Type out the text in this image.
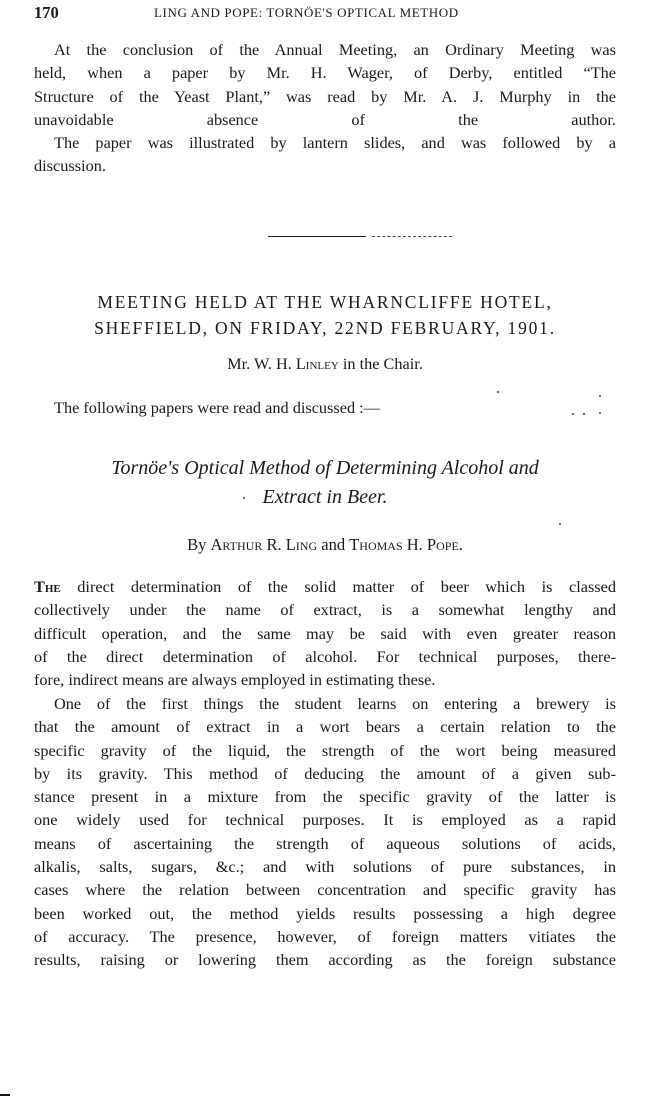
170	LING AND POPE: TORNÖE'S OPTICAL METHOD

At the conclusion of the Annual Meeting, an Ordinary Meeting was
held, when a paper by Mr. H. Wager, of Derby, entitled “The
Structure of the Yeast Plant,” was read by Mr. A. J. Murphy in the
unavoidable absence of the author.

The paper was illustrated by lantern slides, and was followed by a
discussion.
MEETING HELD AT THE WHARNCLIFFE HOTEL,
SHEFFIELD, ON FRIDAY, 22ND FEBRUARY, 1901.
Mr. W. H. Linley in the Chair.
The following papers were read and discussed :—
Tornöe's Optical Method of Determining Alcohol and
Extract in Beer.
By Arthur R. Ling and Thomas H. Pope.
The direct determination of the solid matter of beer which is classed
collectively under the name of extract, is a somewhat lengthy and
difficult operation, and the same may be said with even greater reason
of the direct determination of alcohol. For technical purposes, there-
fore, indirect means are always employed in estimating these.
One of the first things the student learns on entering a brewery is
that the amount of extract in a wort bears a certain relation to the
specific gravity of the liquid, the strength of the wort being measured
by its gravity. This method of deducing the amount of a given sub-
stance present in a mixture from the specific gravity of the latter is
one widely used for technical purposes. It is employed as a rapid
means of ascertaining the strength of aqueous solutions of acids,
alkalis, salts, sugars, &c.; and with solutions of pure substances, in
cases where the relation between concentration and specific gravity has
been worked out, the method yields results possessing a high degree
of accuracy. The presence, however, of foreign matters vitiates the
results, raising or lowering them according as the foreign substance
